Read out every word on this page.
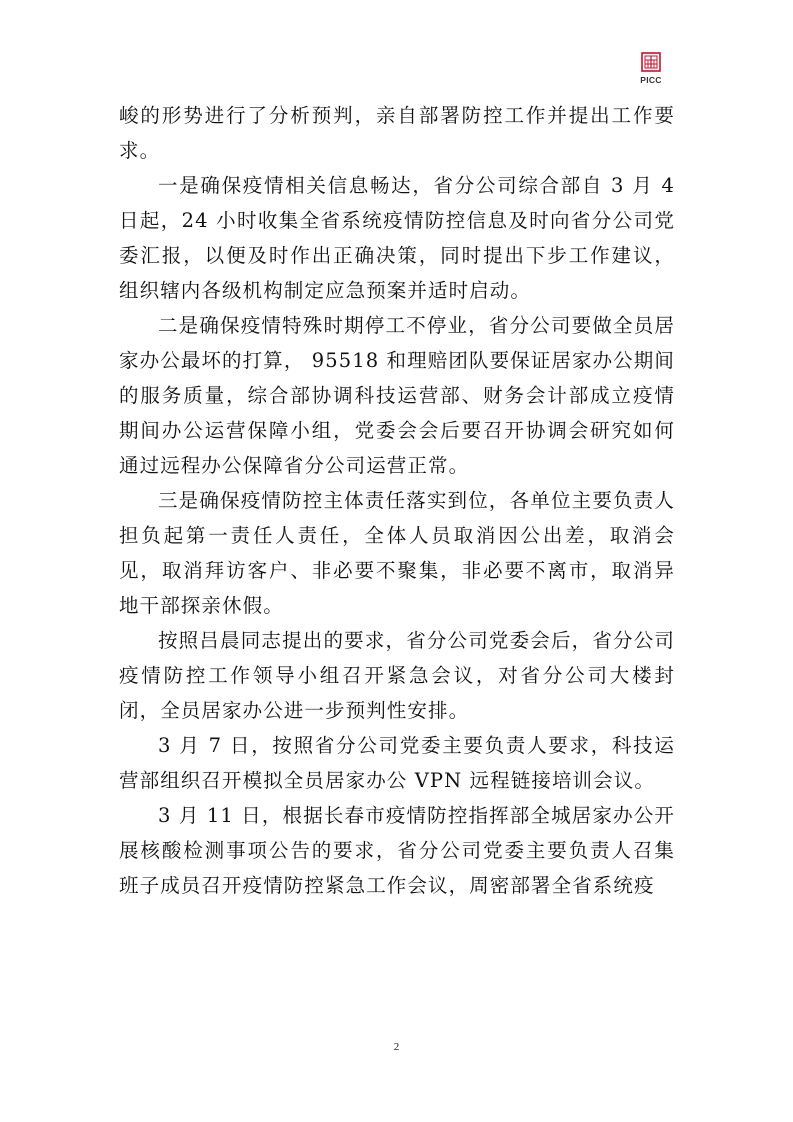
PICC

峻的形势进行了分析预判，亲自部署防控工作并提出工作要求。

一是确保疫情相关信息畅达，省分公司综合部自 3 月 4 日起，24 小时收集全省系统疫情防控信息及时向省分公司党委汇报，以便及时作出正确决策，同时提出下步工作建议，组织辖内各级机构制定应急预案并适时启动。

二是确保疫情特殊时期停工不停业，省分公司要做全员居家办公最坏的打算， 95518 和理赔团队要保证居家办公期间的服务质量，综合部协调科技运营部、财务会计部成立疫情期间办公运营保障小组，党委会会后要召开协调会研究如何通过远程办公保障省分公司运营正常。

三是确保疫情防控主体责任落实到位，各单位主要负责人担负起第一责任人责任，全体人员取消因公出差，取消会见，取消拜访客户、非必要不聚集，非必要不离市，取消异地干部探亲休假。

按照吕晨同志提出的要求，省分公司党委会后，省分公司疫情防控工作领导小组召开紧急会议，对省分公司大楼封闭，全员居家办公进一步预判性安排。

3 月 7 日，按照省分公司党委主要负责人要求，科技运营部组织召开模拟全员居家办公 VPN 远程链接培训会议。

3 月 11 日，根据长春市疫情防控指挥部全城居家办公开展核酸检测事项公告的要求，省分公司党委主要负责人召集班子成员召开疫情防控紧急工作会议，周密部署全省系统疫

2
